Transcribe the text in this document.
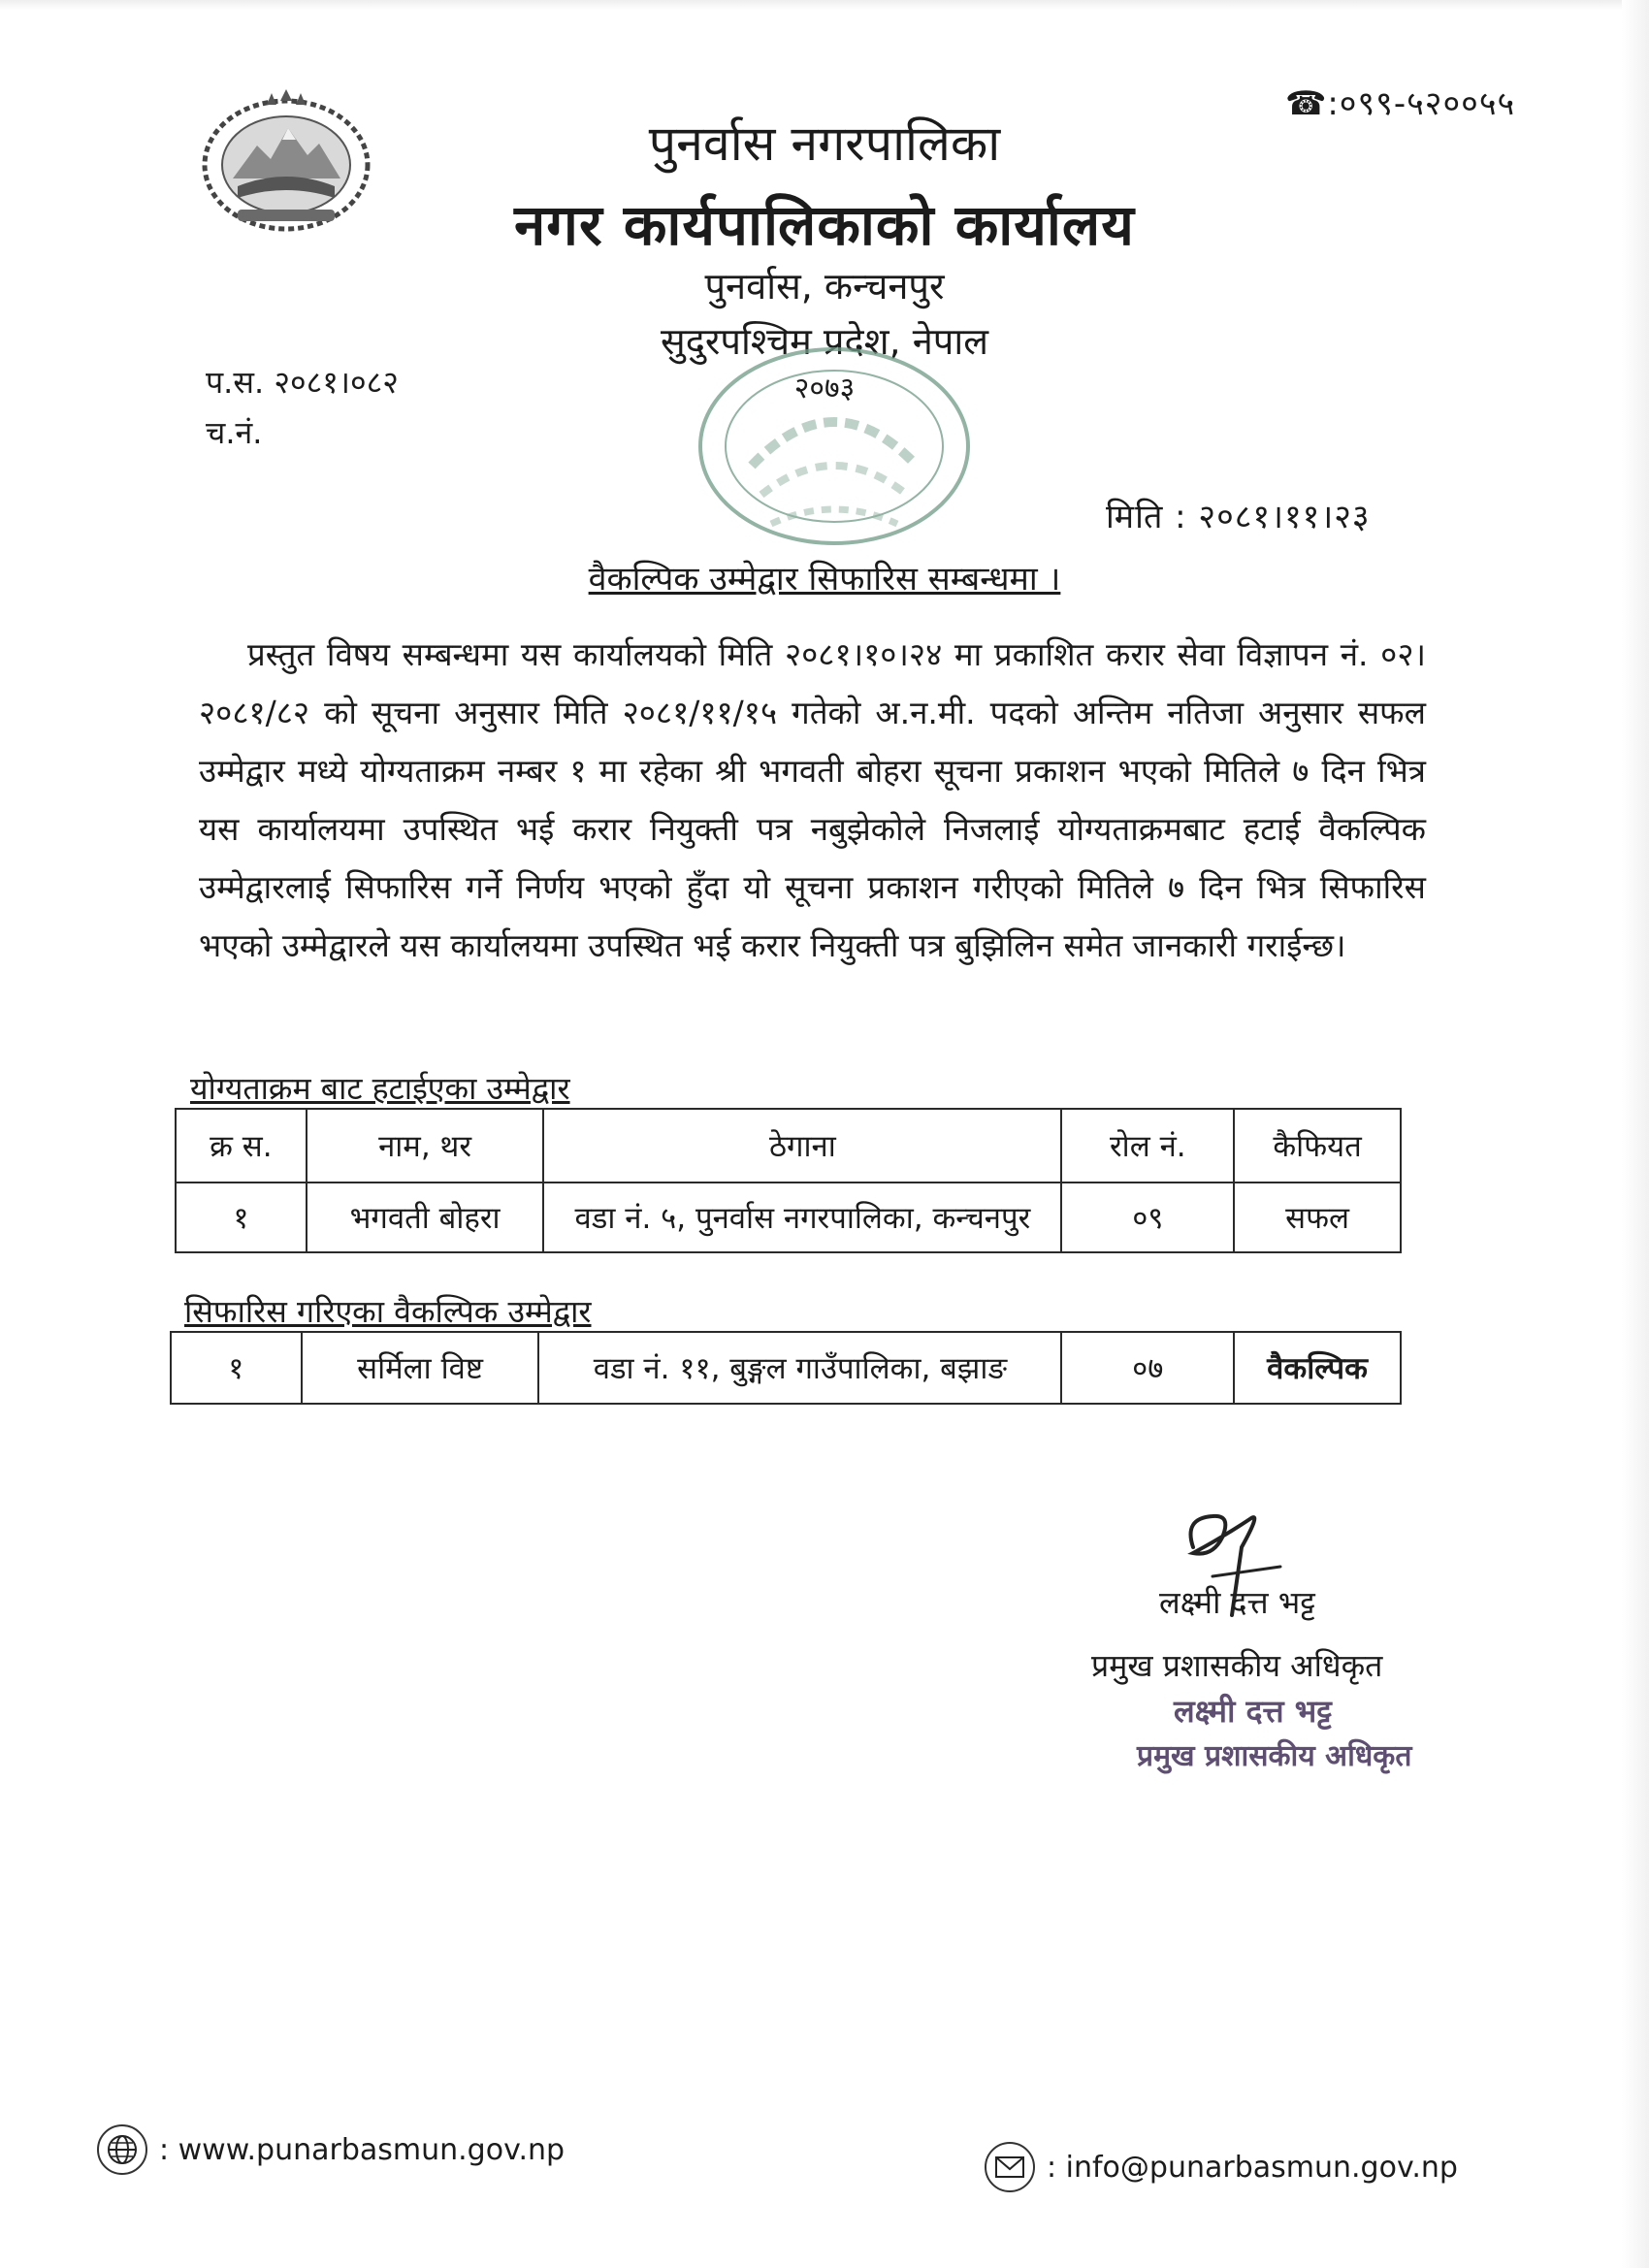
☎:०९९-५२००५५
पुनर्वास नगरपालिका
नगर कार्यपालिकाको कार्यालय
पुनर्वास, कन्चनपुर
सुदुरपश्चिम प्रदेश, नेपाल
२०७३
प.स. २०८१।०८२
च.नं.
मिति : २०८१।११।२३
वैकल्पिक उम्मेद्वार सिफारिस सम्बन्धमा ।

प्रस्तुत विषय सम्बन्धमा यस कार्यालयको मिति २०८१।१०।२४ मा प्रकाशित करार सेवा विज्ञापन नं. ०२।२०८१/८२ को सूचना अनुसार मिति २०८१/११/१५ गतेको अ.न.मी. पदको अन्तिम नतिजा अनुसार सफल उम्मेद्वार मध्ये योग्यताक्रम नम्बर १ मा रहेका श्री भगवती बोहरा सूचना प्रकाशन भएको मितिले ७ दिन भित्र यस कार्यालयमा उपस्थित भई करार नियुक्ती पत्र नबुझेकोले निजलाई योग्यताक्रमबाट हटाई वैकल्पिक उम्मेद्वारलाई सिफारिस गर्ने निर्णय भएको हुँदा यो सूचना प्रकाशन गरीएको मितिले ७ दिन भित्र सिफारिस भएको उम्मेद्वारले यस कार्यालयमा उपस्थित भई करार नियुक्ती पत्र बुझिलिन समेत जानकारी गराईन्छ।

योग्यताक्रम बाट हटाईएका उम्मेद्वार
क्र स.	नाम, थर	ठेगाना	रोल नं.	कैफियत
१	भगवती बोहरा	वडा नं. ५, पुनर्वास नगरपालिका, कन्चनपुर	०९	सफल
सिफारिस गरिएका वैकल्पिक उम्मेद्वार
१	सर्मिला विष्ट	वडा नं. ११, बुङ्गल गाउँपालिका, बझाङ	०७	वैकल्पिक
लक्ष्मी दत्त भट्ट
प्रमुख प्रशासकीय अधिकृत
लक्ष्मी दत्त भट्ट
प्रमुख प्रशासकीय अधिकृत
: www.punarbasmun.gov.np
: info@punarbasmun.gov.np
